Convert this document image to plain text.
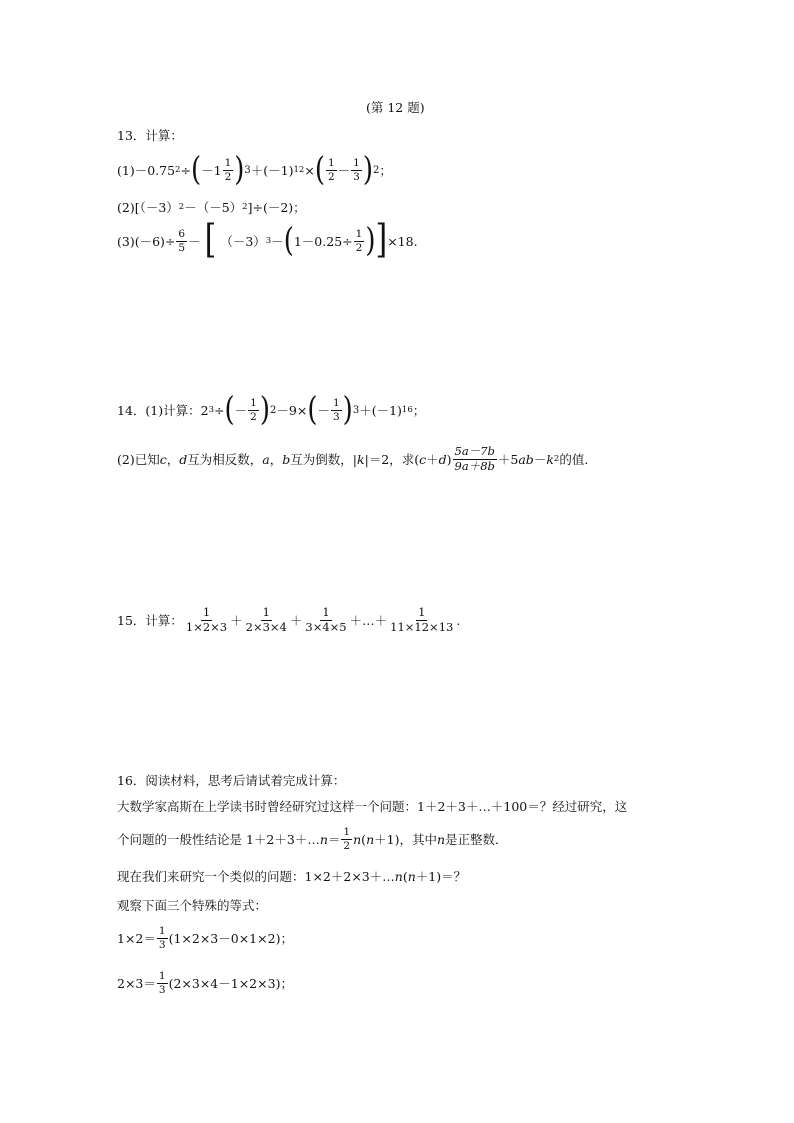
(第 12 题)
13．计算：
(1)－0.75 2 ÷ ( $-1 \frac{1}{2}$ ) 3 ＋(－1) 12 × ( $\frac{1}{2} - \frac{1}{3}$ ) 2 ；
(2)[（－3） 2 －（－5） 2 ]÷(－2)；
$(3)(-6)\div \frac{6}{5}$ － [ （－3） 3 － ( $1-0.25\div \frac{1}{2}$ ) ] ×18.
14．(1)计算：2 3 ÷ ( － $\frac{1}{2}$ ) 2 －9× ( － $\frac{1}{3}$ ) 3 ＋(－1) 16 ；
(2)已知 c ， d 互为相反数， a ， b 互为倒数，| k |＝2，求( c ＋ d ) $\frac{5a-7b}{9a+8b} +5$ ab － k 2 的值．
15．计算： $\frac{1}{1\times 2\times 3} + \frac{1}{2\times 3\times 4} + \frac{1}{3\times 4\times 5}$ ＋…＋ $\frac{1}{11\times 12\times 13}$ .
16．阅读材料，思考后请试着完成计算：
大数学家高斯在上学读书时曾经研究过这样一个问题：1＋2＋3＋…＋100＝？经过研究，这
个问题的一般性结论是 1＋2＋3＋… $n = \frac{1}{2}$ n ( n ＋1)，其中 n 是正整数．
现在我们来研究一个类似的问题：1×2＋2×3＋… n ( n ＋1)＝？
观察下面三个特殊的等式：
$1\times 2= \frac{1}{3} (1\times 2\times 3-0\times 1\times 2)$；
$2\times 3= \frac{1}{3} (2\times 3\times 4-1\times 2\times 3)$；
